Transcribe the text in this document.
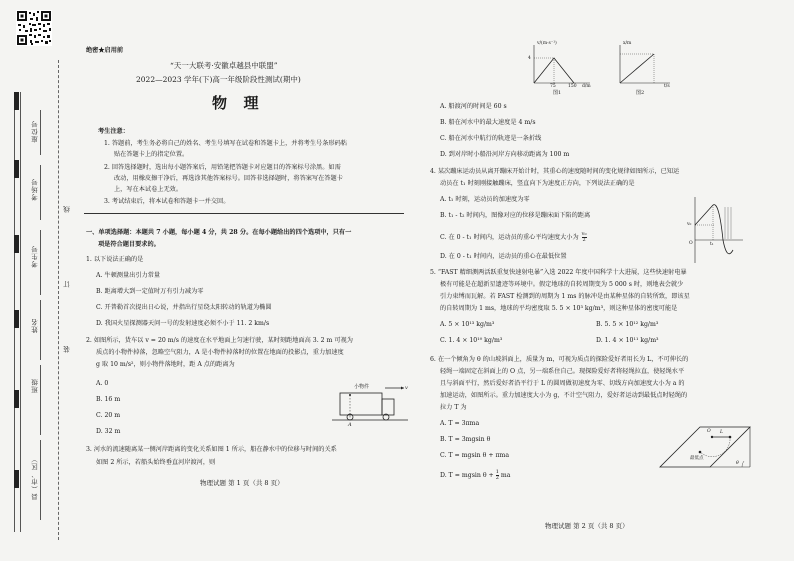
座位号
考场号
考生号
姓名
班级
县（市、区）
线
订
装
绝密★启用前
“天一大联考·安徽卓越县中联盟”
2022—2023 学年(下)高一年级阶段性测试(期中)
物  理
考生注意：
1. 答题前，考生务必将自己的姓名、考生号填写在试卷和答题卡上，并将考生号条形码粘
贴在答题卡上的指定位置。
2. 回答选择题时，选出每小题答案后，用铅笔把答题卡对应题目的答案标号涂黑。如需
改动，用橡皮擦干净后，再选涂其他答案标号。回答非选择题时，将答案写在答题卡
上，写在本试卷上无效。
3. 考试结束后，将本试卷和答题卡一并交回。
一、单项选择题：本题共 7 小题，每小题 4 分，共 28 分。在每小题给出的四个选项中，只有一
项是符合题目要求的。
1. 以下说法正确的是
A. 牛顿测量出引力常量
B. 距离增大到一定值时万有引力减为零
C. 开普勒首次提出日心说，并指出行星绕太阳转动的轨道为椭圆
D. 我国火星探测器天问一号的发射速度必须不小于 11. 2 km/s
2. 如图所示，货车以 v = 20 m/s 的速度在水平地面上匀速行驶，某时刻距地面高 3. 2 m 可视为
质点的小物件掉落，忽略空气阻力，A 是小物件掉落时的位置在地面的投影点，重力加速度
g 取 10 m/s²，则小物件落地时，距 A 点的距离为
A. 0
B. 16 m
C. 20 m
D. 32 m
小物件	v
A
3. 河水的流速随离某一侧河岸距离的变化关系如图 1 所示，船在静水中的位移与时间的关系
如图 2 所示，若船头始终垂直河岸渡河，则
物理试题 第 1 页（共 8 页）
v/(m·s⁻¹)
4
75	150 d/m
图1
x/m
t/s
图2
A. 船渡河的时间是 60 s
B. 船在河水中的最大速度是 4 m/s
C. 船在河水中航行的轨迹是一条折线
D. 到对岸时小船沿河岸方向移动距离为 100 m
4. 某次蹦床运动员从离开蹦床开始计时，其重心的速度随时间的变化规律如图所示，已知运
动员在 t₁ 时刻刚接触蹦床，竖直向下为速度正方向，下列说法正确的是
A. t₁ 时刻，运动员的加速度为零
B. t₁ - t₂ 时间内，图像对应的位移是蹦床面下陷的距离
C. 在 0 - t₁ 时间内，运动员的重心平均速度大小为 $\frac{\text{v₀}}{2}$
D. 在 0 - t₁ 时间内，运动员的重心在最低位置
v₀
O	t₁
5. “FAST 精细测两活跃重复快速射电暴”入选 2022 年度中国科学十大进展，这些快速射电暴
极有可能是在超新星遗迹等环境中。假定地球的自转周期变为 5 000 s 时，则地表会就少
引力束缚而瓦解。若 FAST 检测到的周期为 1 ms 的脉冲是由某种星体的自转所致，即该星
的自转周期为 1 ms，地球的平均密度取 5. 5 × 10³ kg/m³，则这种星体的密度可能是
A. 5 × 10¹³ kg/m³	B. 5. 5 × 10¹² kg/m³
C. 1. 4 × 10¹⁰ kg/m³	D. 1. 4 × 10¹¹ kg/m³
6. 在一个倾角为 θ 的山坡斜面上，质量为 m，可视为质点的探险爱好者用长为 L，不可伸长的
轻绳一端固定在斜面上的 O 点，另一端系住自己。现探险爱好者将轻绳拉直，使轻绳水平
且与斜面平行，然后爱好者沿平行于 L 的圆周做初速度为零、切线方向加速度大小为 a 的
加速运动，如图所示。重力加速度大小为 g，不计空气阻力，爱好者运动到最低点时轻绳的
拉力 T 为
A. T = 3πma
B. T = 3mgsin θ
C. T = mgsin θ + πma
D. T = mgsin $\theta + \frac{1}{2}$ ma
O L
θ
最低点
物理试题 第 2 页（共 8 页）
